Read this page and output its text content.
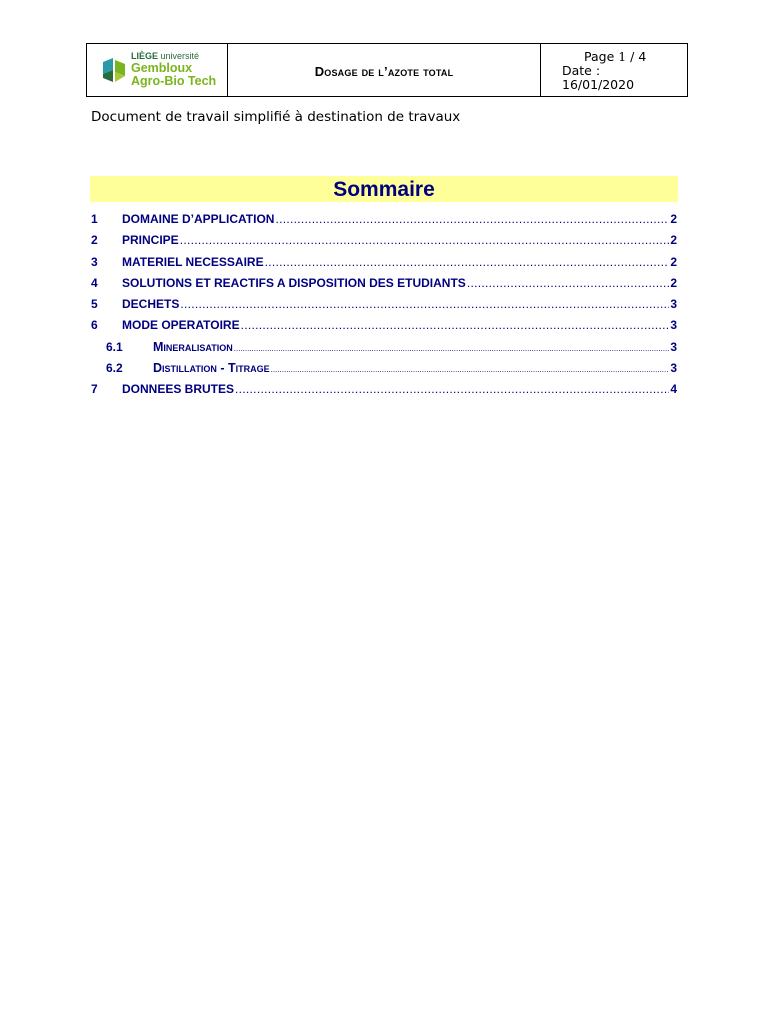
LIÈGE université
Gembloux
Agro-Bio Tech
	Dosage de l’azote total	
Page 1 / 4
Date :
16/01/2020
Document de travail simplifié à destination de travaux
Sommaire
1	DOMAINE D’APPLICATION .....	2
2	PRINCIPE .....	2
3	MATERIEL NECESSAIRE .....	2
4	SOLUTIONS ET REACTIFS A DISPOSITION DES ETUDIANTS .....	2
5	DECHETS .....	3
6	MODE OPERATOIRE .....	3
6.1	Mineralisation .....	3
6.2	Distillation - Titrage .....	3
7	DONNEES BRUTES .....	4
